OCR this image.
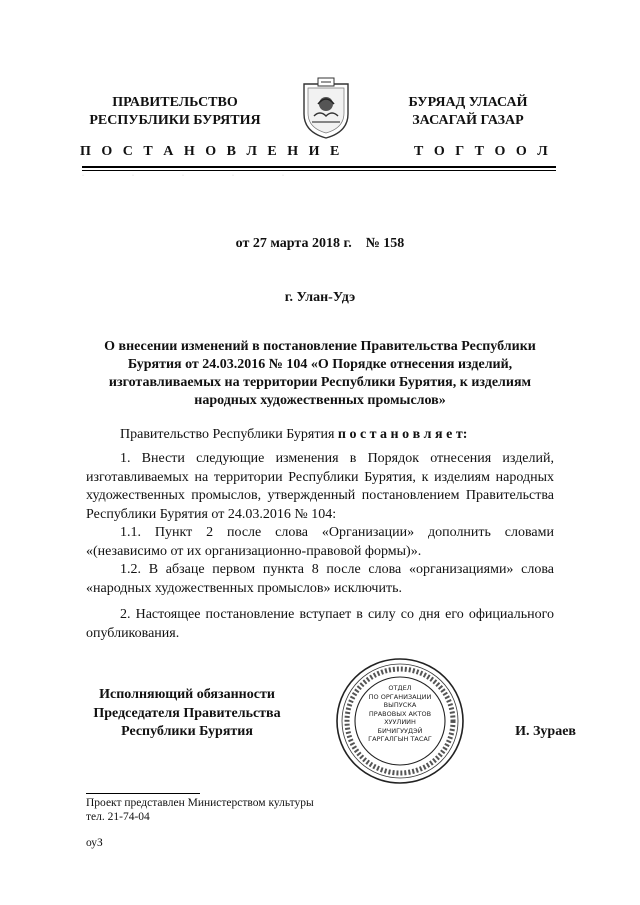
ПРАВИТЕЛЬСТВО
РЕСПУБЛИКИ БУРЯТИЯ
БУРЯАД УЛАСАЙ
ЗАСАГАЙ ГАЗАР
П О С Т А Н О В Л Е Н И Е	Т О Г Т О О Л
·                                ·                                ·                                ·                                ·
от 27 марта 2018 г.    № 158
г. Улан-Удэ
О внесении изменений в постановление Правительства Республики Бурятия от 24.03.2016 № 104 «О Порядке отнесения изделий, изготавливаемых на территории Республики Бурятия, к изделиям народных художественных промыслов»
Правительство Республики Бурятия п о с т а н о в л я е т:
1. Внести следующие изменения в Порядок отнесения изделий, изготавливаемых на территории Республики Бурятия, к изделиям народных художественных промыслов, утвержденный постановлением Правительства Республики Бурятия от 24.03.2016 № 104:
1.1. Пункт 2 после слова «Организации» дополнить словами «(независимо от их организационно-правовой формы)».
1.2. В абзаце первом пункта 8 после слова «организациями» слова «народных художественных промыслов» исключить.
2. Настоящее постановление вступает в силу со дня его официального опубликования.
Исполняющий обязанности
Председателя Правительства
Республики Бурятия
ОТДЕЛ
ПО ОРГАНИЗАЦИИ
ВЫПУСКА
ПРАВОВЫХ АКТОВ
ХУУЛИИН
БИЧИГУУДЭЙ
ГАРГАЛГЫН ТАСАГ	И. Зураев
Проект представлен Министерством культуры
тел. 21-74-04
оуЗ
